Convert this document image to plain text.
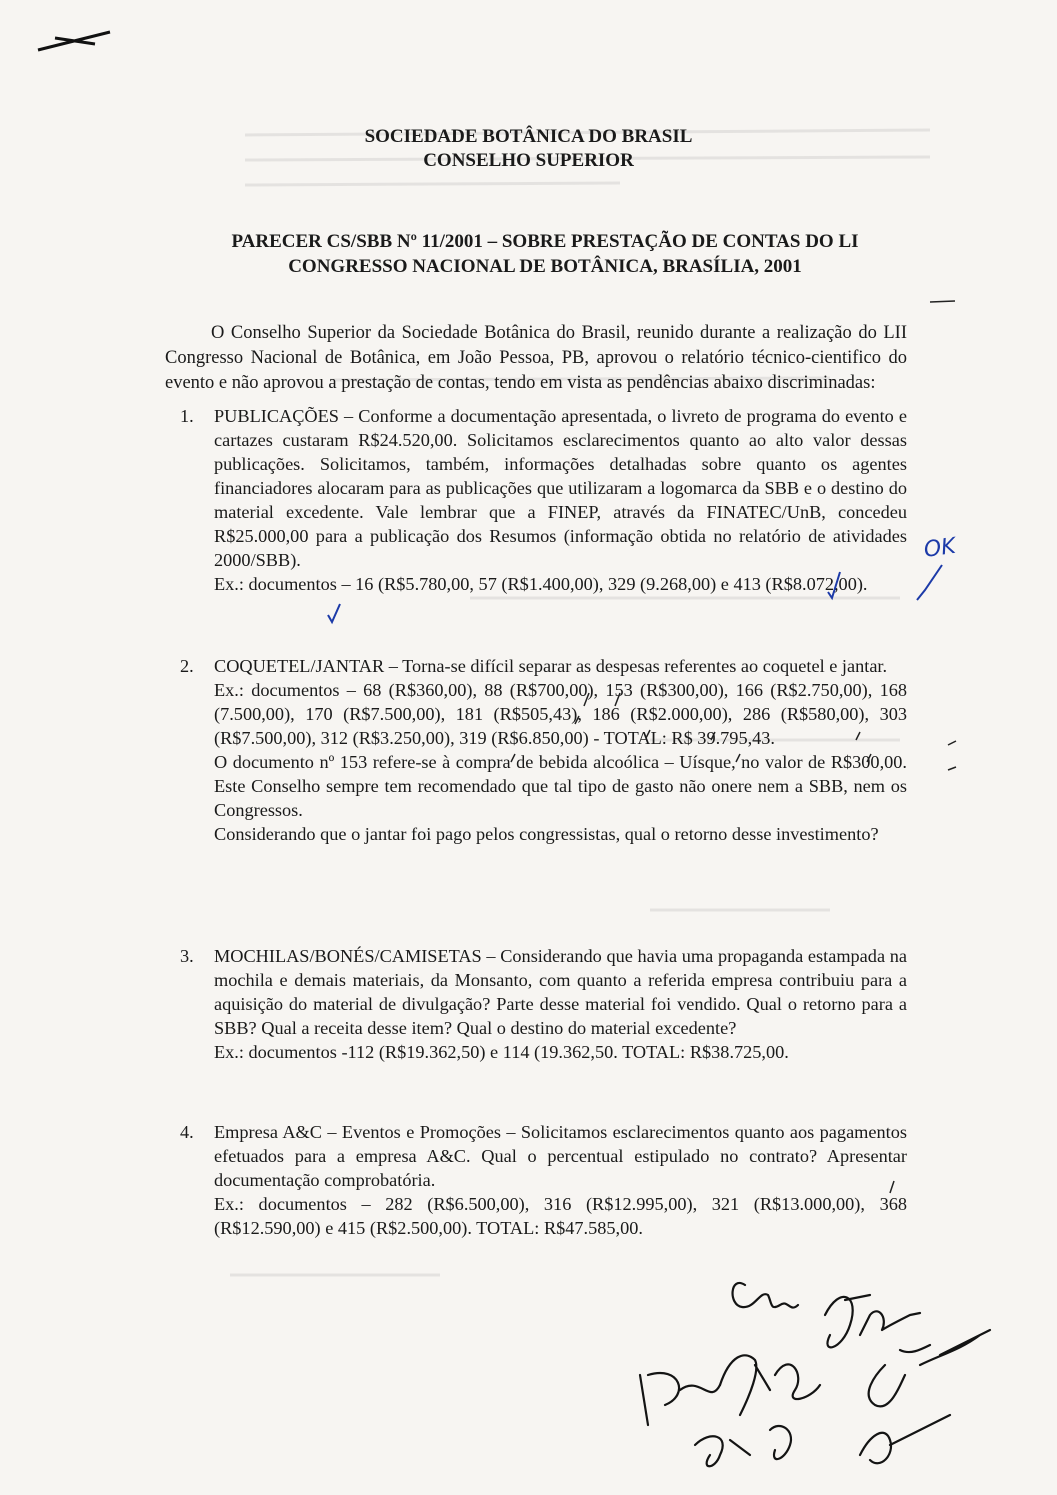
SOCIEDADE BOTÂNICA DO BRASIL
CONSELHO SUPERIOR
PARECER CS/SBB Nº 11/2001 – SOBRE PRESTAÇÃO DE CONTAS DO LI
CONGRESSO NACIONAL DE BOTÂNICA, BRASÍLIA, 2001

O Conselho Superior da Sociedade Botânica do Brasil, reunido durante a realização do LII Congresso Nacional de Botânica, em João Pessoa, PB, aprovou o relatório técnico-cientifico do evento e não aprovou a prestação de contas, tendo em vista as pendências abaixo discriminadas:

1. PUBLICAÇÕES – Conforme a documentação apresentada, o livreto de programa do evento e cartazes custaram R$24.520,00. Solicitamos esclarecimentos quanto ao alto valor dessas publicações. Solicitamos, também, informações detalhadas sobre quanto os agentes financiadores alocaram para as publicações que utilizaram a logomarca da SBB e o destino do material excedente. Vale lembrar que a FINEP, através da FINATEC/UnB, concedeu R$25.000,00 para a publicação dos Resumos (informação obtida no relatório de atividades 2000/SBB).

Ex.: documentos – 16 (R$5.780,00, 57 (R$1.400,00), 329 (9.268,00) e 413 (R$8.072,00).

2. COQUETEL/JANTAR – Torna-se difícil separar as despesas referentes ao coquetel e jantar.

Ex.: documentos – 68 (R$360,00), 88 (R$700,00), 153 (R$300,00), 166 (R$2.750,00), 168 (7.500,00), 170 (R$7.500,00), 181 (R$505,43), 186 (R$2.000,00), 286 (R$580,00), 303 (R$7.500,00), 312 (R$3.250,00), 319 (R$6.850,00) - TOTAL: R$ 39.795,43.

O documento nº 153 refere-se à compra de bebida alcoólica – Uísque, no valor de R$300,00. Este Conselho sempre tem recomendado que tal tipo de gasto não onere nem a SBB, nem os Congressos.

Considerando que o jantar foi pago pelos congressistas, qual o retorno desse investimento?

3. MOCHILAS/BONÉS/CAMISETAS – Considerando que havia uma propaganda estampada na mochila e demais materiais, da Monsanto, com quanto a referida empresa contribuiu para a aquisição do material de divulgação? Parte desse material foi vendido. Qual o retorno para a SBB? Qual a receita desse item? Qual o destino do material excedente?

Ex.: documentos -112 (R$19.362,50) e 114 (19.362,50. TOTAL: R$38.725,00.

4. Empresa A&C – Eventos e Promoções – Solicitamos esclarecimentos quanto aos pagamentos efetuados para a empresa A&C. Qual o percentual estipulado no contrato? Apresentar documentação comprobatória.

Ex.: documentos – 282 (R$6.500,00), 316 (R$12.995,00), 321 (R$13.000,00), 368 (R$12.590,00) e 415 (R$2.500,00). TOTAL: R$47.585,00.

OK
